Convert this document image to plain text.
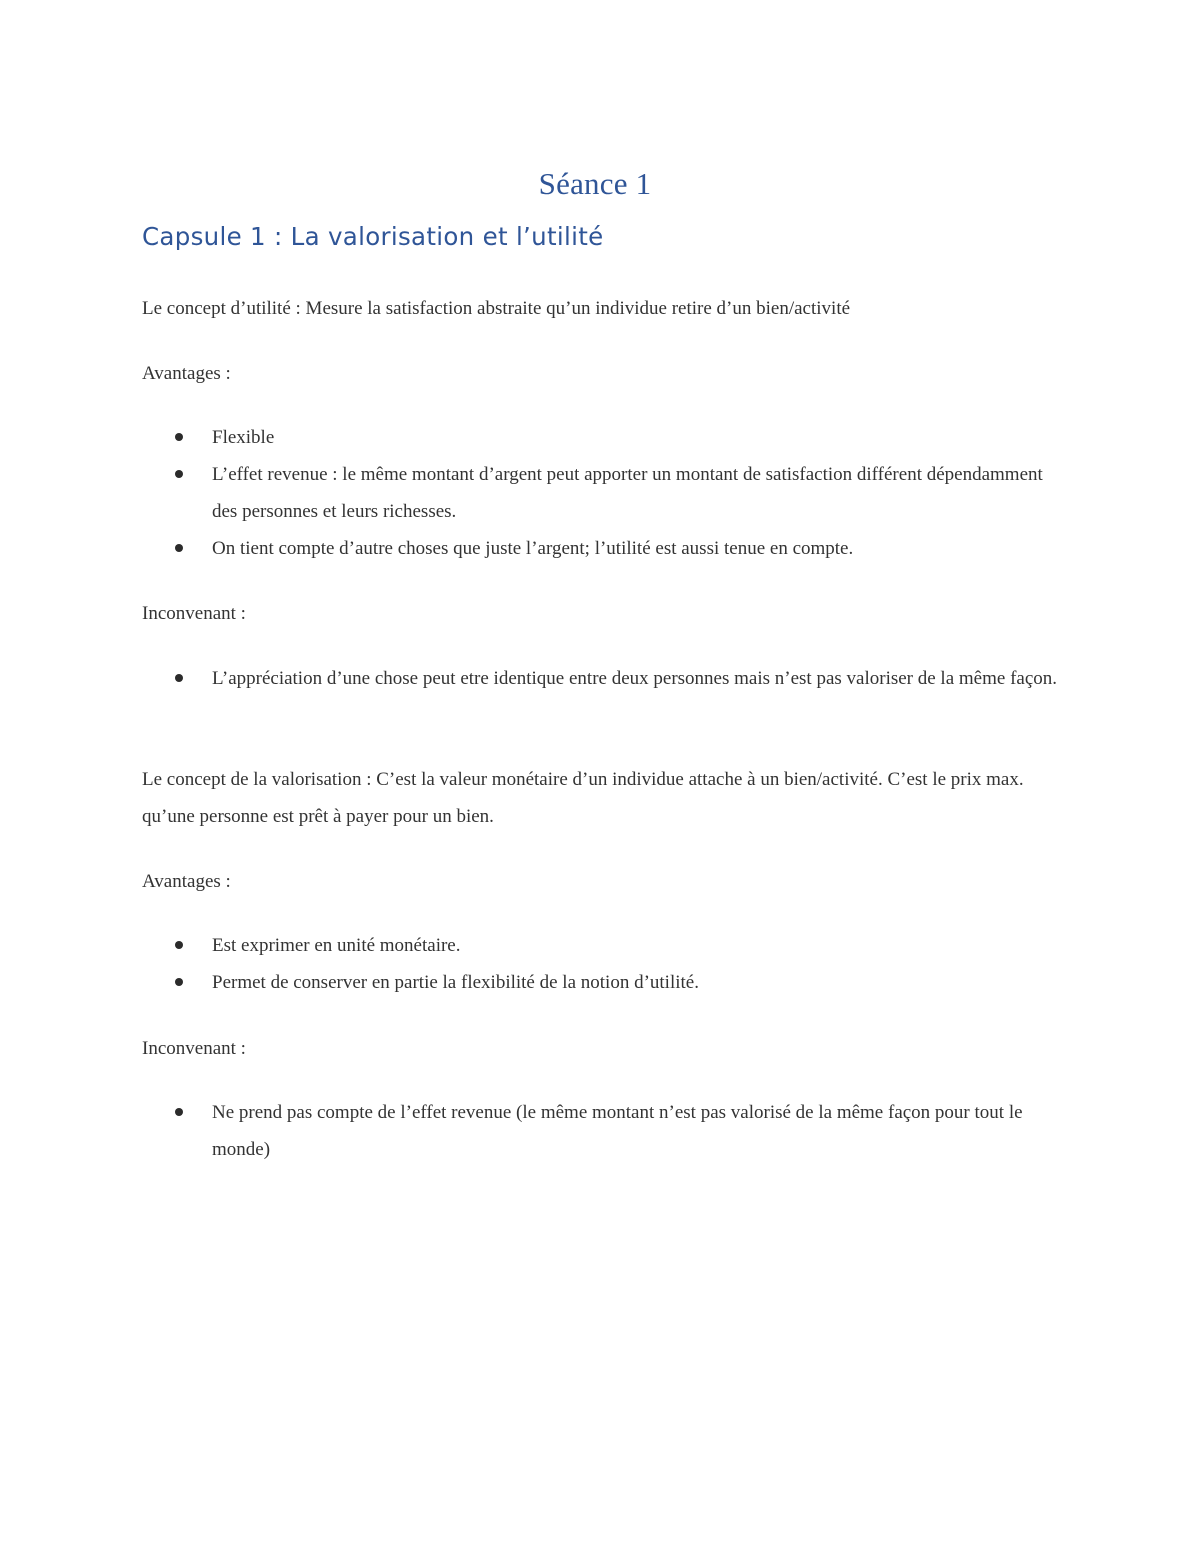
Séance 1
Capsule 1 : La valorisation et l’utilité

Le concept d’utilité : Mesure la satisfaction abstraite qu’un individue retire d’un bien/activité

Avantages :

Flexible
L’effet revenue : le même montant d’argent peut apporter un montant de satisfaction différent dépendamment des personnes et leurs richesses.
On tient compte d’autre choses que juste l’argent; l’utilité est aussi tenue en compte.

Inconvenant :

L’appréciation d’une chose peut etre identique entre deux personnes mais n’est pas valoriser de la même façon.

Le concept de la valorisation : C’est la valeur monétaire d’un individue attache à un bien/activité. C’est le prix max. qu’une personne est prêt à payer pour un bien.

Avantages :

Est exprimer en unité monétaire.
Permet de conserver en partie la flexibilité de la notion d’utilité.

Inconvenant :

Ne prend pas compte de l’effet revenue (le même montant n’est pas valorisé de la même façon pour tout le monde)
